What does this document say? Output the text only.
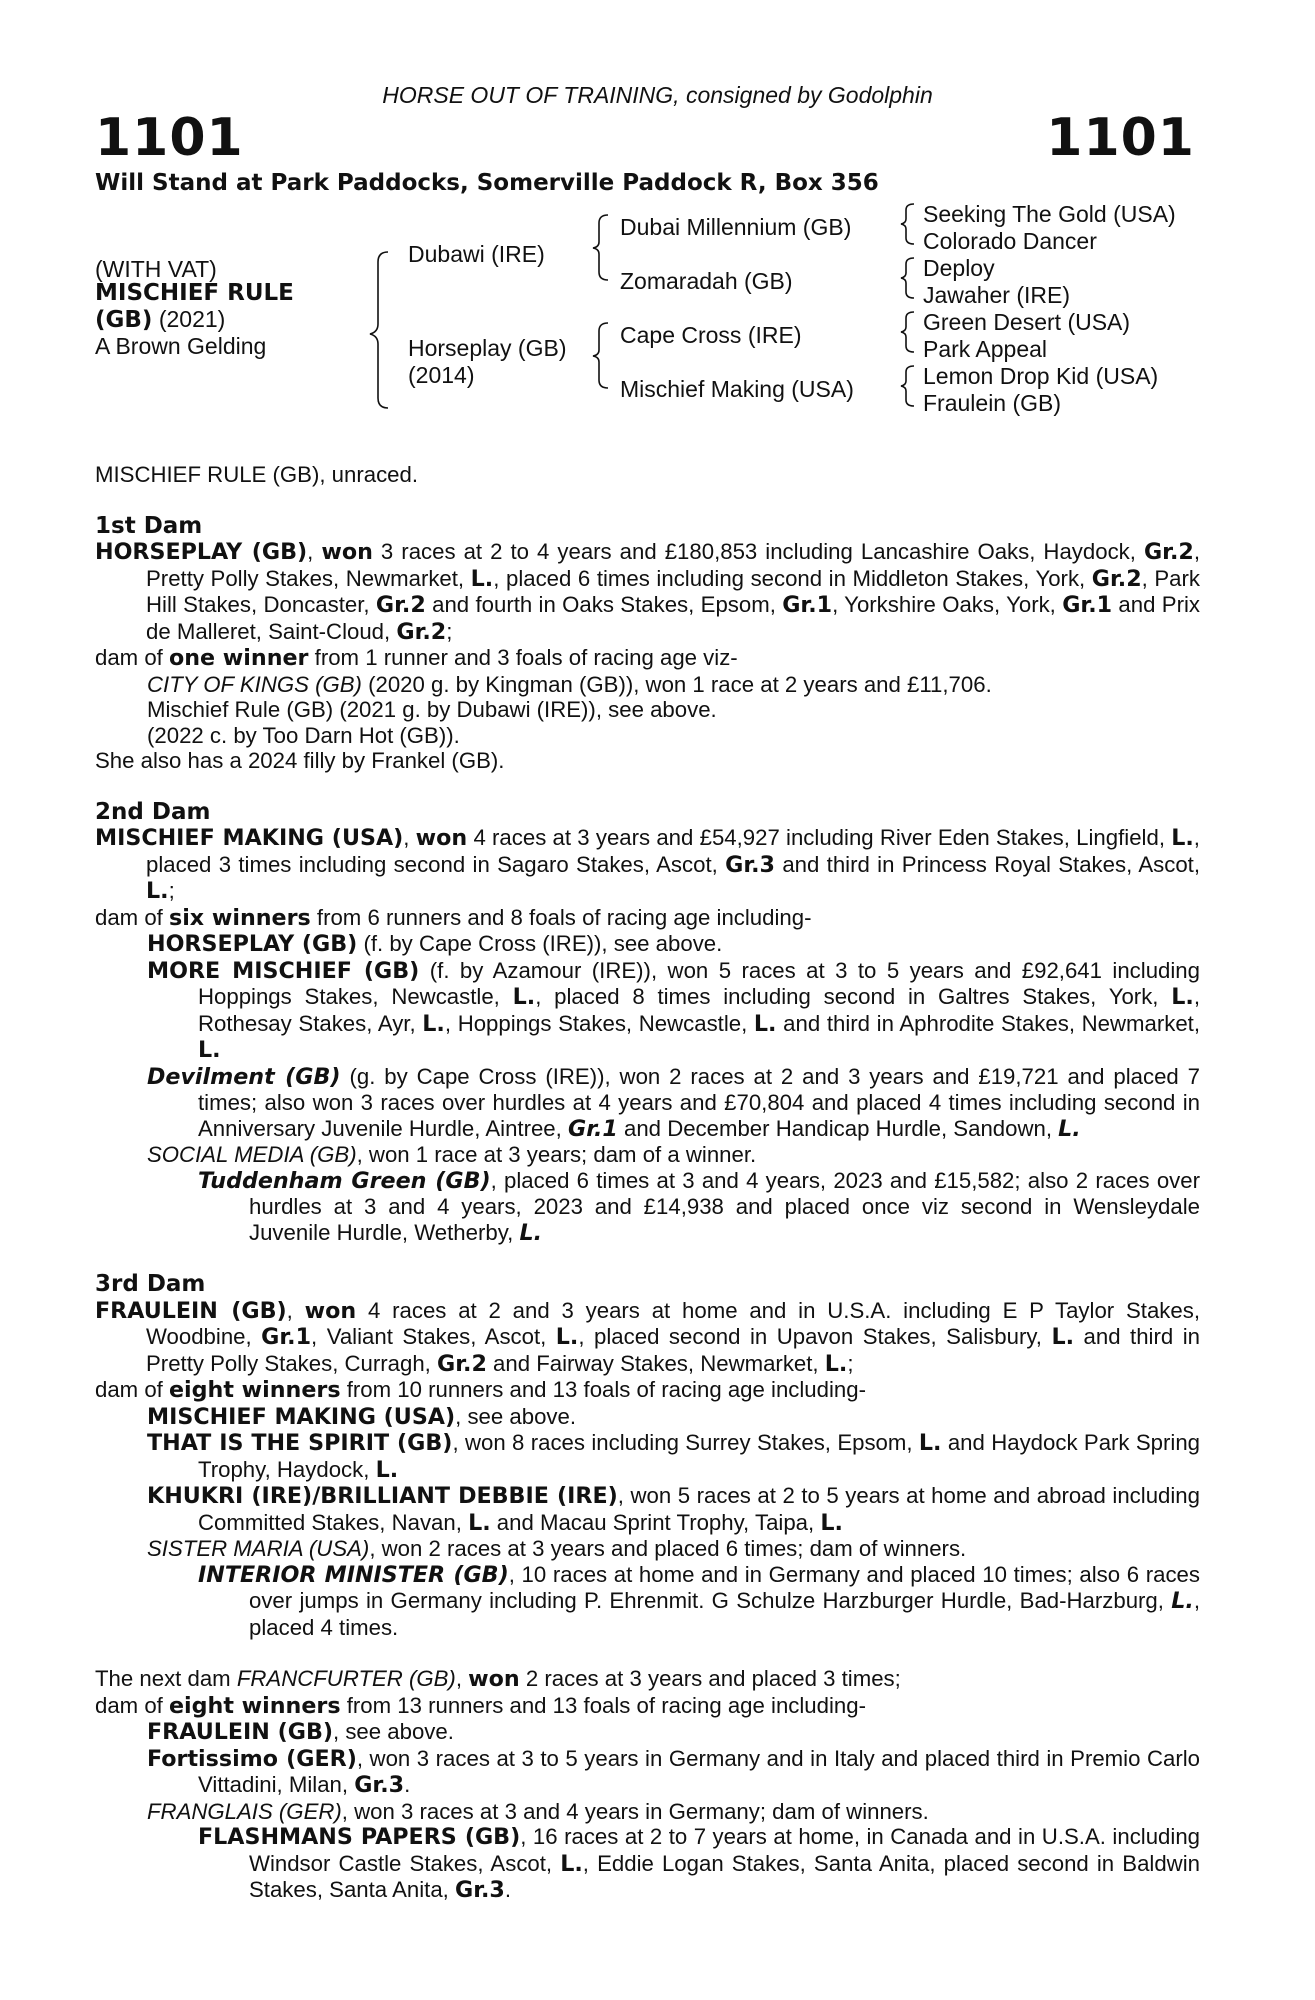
HORSE OUT OF TRAINING, consigned by Godolphin
1101	1101
Will Stand at Park Paddocks, Somerville Paddock R, Box 356
(WITH VAT)
MISCHIEF RULE
(GB) (2021)
A Brown Gelding
Dubawi (IRE)
Horseplay (GB)
(2014)
Dubai Millennium (GB)
Zomaradah (GB)
Cape Cross (IRE)
Mischief Making (USA)
Seeking The Gold (USA)
Colorado Dancer
Deploy
Jawaher (IRE)
Green Desert (USA)
Park Appeal
Lemon Drop Kid (USA)
Fraulein (GB)

MISCHIEF RULE (GB), unraced.

1st Dam

HORSEPLAY (GB), won 3 races at 2 to 4 years and £180,853 including Lancashire Oaks, Haydock, Gr.2, Pretty Polly Stakes, Newmarket, L., placed 6 times including second in Middleton Stakes, York, Gr.2, Park Hill Stakes, Doncaster, Gr.2 and fourth in Oaks Stakes, Epsom, Gr.1, Yorkshire Oaks, York, Gr.1 and Prix de Malleret, Saint-Cloud, Gr.2;

dam of one winner from 1 runner and 3 foals of racing age viz-

CITY OF KINGS (GB) (2020 g. by Kingman (GB)), won 1 race at 2 years and £11,706.

Mischief Rule (GB) (2021 g. by Dubawi (IRE)), see above.

(2022 c. by Too Darn Hot (GB)).

She also has a 2024 filly by Frankel (GB).

2nd Dam

MISCHIEF MAKING (USA), won 4 races at 3 years and £54,927 including River Eden Stakes, Lingfield, L., placed 3 times including second in Sagaro Stakes, Ascot, Gr.3 and third in Princess Royal Stakes, Ascot, L.;

dam of six winners from 6 runners and 8 foals of racing age including-

HORSEPLAY (GB) (f. by Cape Cross (IRE)), see above.

MORE MISCHIEF (GB) (f. by Azamour (IRE)), won 5 races at 3 to 5 years and £92,641 including Hoppings Stakes, Newcastle, L., placed 8 times including second in Galtres Stakes, York, L., Rothesay Stakes, Ayr, L., Hoppings Stakes, Newcastle, L. and third in Aphrodite Stakes, Newmarket, L.

Devilment (GB) (g. by Cape Cross (IRE)), won 2 races at 2 and 3 years and £19,721 and placed 7 times; also won 3 races over hurdles at 4 years and £70,804 and placed 4 times including second in Anniversary Juvenile Hurdle, Aintree, Gr.1 and December Handicap Hurdle, Sandown, L.

SOCIAL MEDIA (GB), won 1 race at 3 years; dam of a winner.

Tuddenham Green (GB), placed 6 times at 3 and 4 years, 2023 and £15,582; also 2 races over hurdles at 3 and 4 years, 2023 and £14,938 and placed once viz second in Wensleydale Juvenile Hurdle, Wetherby, L.

3rd Dam

FRAULEIN (GB), won 4 races at 2 and 3 years at home and in U.S.A. including E P Taylor Stakes, Woodbine, Gr.1, Valiant Stakes, Ascot, L., placed second in Upavon Stakes, Salisbury, L. and third in Pretty Polly Stakes, Curragh, Gr.2 and Fairway Stakes, Newmarket, L.;

dam of eight winners from 10 runners and 13 foals of racing age including-

MISCHIEF MAKING (USA), see above.

THAT IS THE SPIRIT (GB), won 8 races including Surrey Stakes, Epsom, L. and Haydock Park Spring Trophy, Haydock, L.

KHUKRI (IRE)/BRILLIANT DEBBIE (IRE), won 5 races at 2 to 5 years at home and abroad including Committed Stakes, Navan, L. and Macau Sprint Trophy, Taipa, L.

SISTER MARIA (USA), won 2 races at 3 years and placed 6 times; dam of winners.

INTERIOR MINISTER (GB), 10 races at home and in Germany and placed 10 times; also 6 races over jumps in Germany including P. Ehrenmit. G Schulze Harzburger Hurdle, Bad-Harzburg, L., placed 4 times.

The next dam FRANCFURTER (GB), won 2 races at 3 years and placed 3 times;

dam of eight winners from 13 runners and 13 foals of racing age including-

FRAULEIN (GB), see above.

Fortissimo (GER), won 3 races at 3 to 5 years in Germany and in Italy and placed third in Premio Carlo Vittadini, Milan, Gr.3.

FRANGLAIS (GER), won 3 races at 3 and 4 years in Germany; dam of winners.

FLASHMANS PAPERS (GB), 16 races at 2 to 7 years at home, in Canada and in U.S.A. including Windsor Castle Stakes, Ascot, L., Eddie Logan Stakes, Santa Anita, placed second in Baldwin Stakes, Santa Anita, Gr.3.
